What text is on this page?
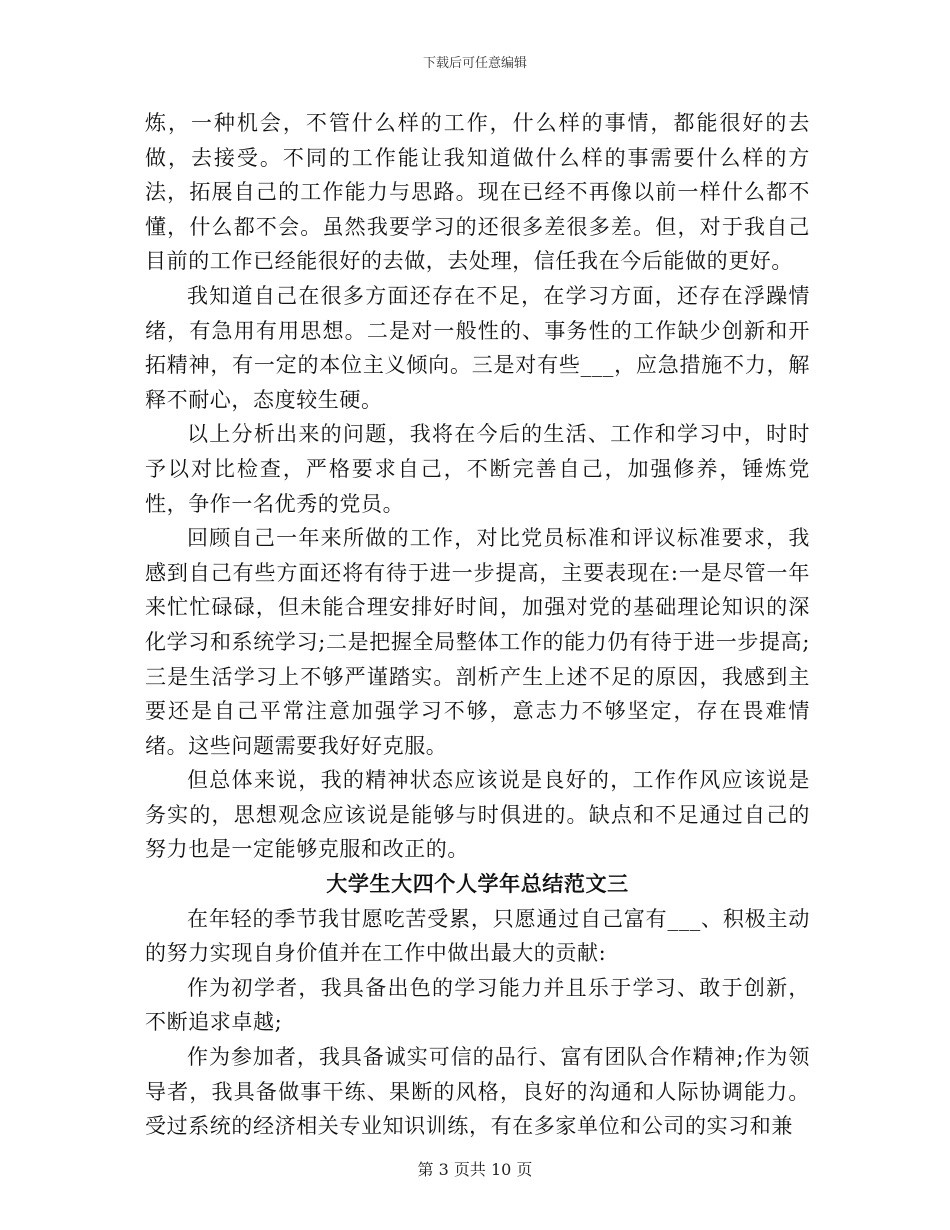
下载后可任意编辑

炼，一种机会，不管什么样的工作，什么样的事情，都能很好的去做，去接受。不同的工作能让我知道做什么样的事需要什么样的方法，拓展自己的工作能力与思路。现在已经不再像以前一样什么都不懂，什么都不会。虽然我要学习的还很多差很多差。但，对于我自己目前的工作已经能很好的去做，去处理，信任我在今后能做的更好。

我知道自己在很多方面还存在不足，在学习方面，还存在浮躁情绪，有急用有用思想。二是对一般性的、事务性的工作缺少创新和开拓精神，有一定的本位主义倾向。三是对有些___，应急措施不力，解释不耐心，态度较生硬。

以上分析出来的问题，我将在今后的生活、工作和学习中，时时予以对比检查，严格要求自己，不断完善自己，加强修养，锤炼党性，争作一名优秀的党员。

回顾自己一年来所做的工作，对比党员标准和评议标准要求，我感到自己有些方面还将有待于进一步提高，主要表现在:一是尽管一年来忙忙碌碌，但未能合理安排好时间，加强对党的基础理论知识的深化学习和系统学习;二是把握全局整体工作的能力仍有待于进一步提高;三是生活学习上不够严谨踏实。剖析产生上述不足的原因，我感到主要还是自己平常注意加强学习不够，意志力不够坚定，存在畏难情绪。这些问题需要我好好克服。

但总体来说，我的精神状态应该说是良好的，工作作风应该说是务实的，思想观念应该说是能够与时俱进的。缺点和不足通过自己的努力也是一定能够克服和改正的。

大学生大四个人学年总结范文三

在年轻的季节我甘愿吃苦受累，只愿通过自己富有___、积极主动的努力实现自身价值并在工作中做出最大的贡献:

作为初学者，我具备出色的学习能力并且乐于学习、敢于创新，不断追求卓越;

作为参加者，我具备诚实可信的品行、富有团队合作精神;作为领导者，我具备做事干练、果断的风格，良好的沟通和人际协调能力。受过系统的经济相关专业知识训练，有在多家单位和公司的实习和兼

第 3 页共 10 页
